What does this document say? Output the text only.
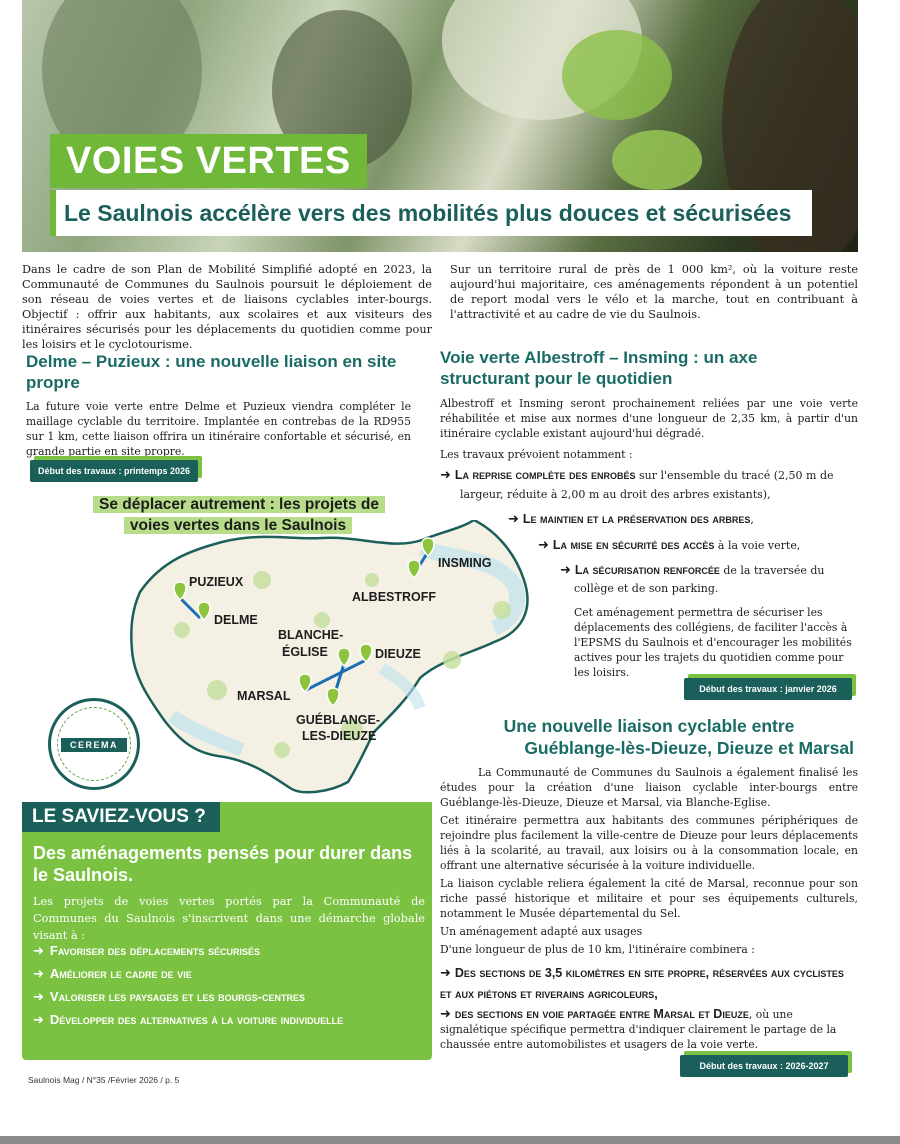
VOIES VERTES
Le Saulnois accélère vers des mobilités plus douces et sécurisées
Dans le cadre de son Plan de Mobilité Simplifié adopté en 2023, la Communauté de Communes du Saulnois poursuit le déploiement de son réseau de voies vertes et de liaisons cyclables inter-bourgs. Objectif : offrir aux habitants, aux scolaires et aux visiteurs des itinéraires sécurisés pour les déplacements du quotidien comme pour les loisirs et le cyclotourisme.
Sur un territoire rural de près de 1 000 km², où la voiture reste aujourd'hui majoritaire, ces aménagements répondent à un potentiel de report modal vers le vélo et la marche, tout en contribuant à l'attractivité et au cadre de vie du Saulnois.
Delme – Puzieux : une nouvelle liaison en site propre
La future voie verte entre Delme et Puzieux viendra compléter le maillage cyclable du territoire. Implantée en contrebas de la RD955 sur 1 km, cette liaison offrira un itinéraire confortable et sécurisé, en grande partie en site propre.
Début des travaux : printemps 2026
Se déplacer autrement : les projets de voies vertes dans le Saulnois
PUZIEUX
DELME
ALBESTROFF
INSMING
BLANCHE-
ÉGLISE	DIEUZE
MARSAL
GUÉBLANGE-
LES-DIEUZE
CEREMA
Voie verte Albestroff – Insming : un axe structurant pour le quotidien
Albestroff et Insming seront prochainement reliées par une voie verte réhabilitée et mise aux normes d'une longueur de 2,35 km, à partir d'un itinéraire cyclable existant aujourd'hui dégradé.
Les travaux prévoient notamment :
➜ La reprise complète des enrobés sur l'ensemble du tracé (2,50 m de
largeur, réduite à 2,00 m au droit des arbres existants),
➜ Le maintien et la préservation des arbres,
➜ La mise en sécurité des accès à la voie verte,
➜ La sécurisation renforcée de la traversée du
collège et de son parking.
Cet aménagement permettra de sécuriser les déplacements des collégiens, de faciliter l'accès à l'EPSMS du Saulnois et d'encourager les mobilités actives pour les trajets du quotidien comme pour les loisirs.
Début des travaux : janvier 2026
Une nouvelle liaison cyclable entre
Guéblange-lès-Dieuze, Dieuze et Marsal
La Communauté de Communes du Saulnois a également finalisé les études pour la création d'une liaison cyclable inter-bourgs entre Guéblange-lès-Dieuze, Dieuze et Marsal, via Blanche-Eglise.
Cet itinéraire permettra aux habitants des communes périphériques de rejoindre plus facilement la ville-centre de Dieuze pour leurs déplacements liés à la scolarité, au travail, aux loisirs ou à la consommation locale, en offrant une alternative sécurisée à la voiture individuelle.
La liaison cyclable reliera également la cité de Marsal, reconnue pour son riche passé historique et militaire et pour ses équipements culturels, notamment le Musée départemental du Sel.
Un aménagement adapté aux usages
D'une longueur de plus de 10 km, l'itinéraire combinera :
➜ Des sections de 3,5 kilomètres en site propre, réservées aux cyclistes et aux piétons et riverains agricoleurs,
➜ des sections en voie partagée entre Marsal et Dieuze, où une signalétique spécifique permettra d'indiquer clairement le partage de la chaussée entre automobilistes et usagers de la voie verte.
Début des travaux : 2026-2027
LE SAVIEZ-VOUS ?
Des aménagements pensés pour durer dans le Saulnois.
Les projets de voies vertes portés par la Communauté de Communes du Saulnois s'inscrivent dans une démarche globale visant à :
➜ Favoriser des déplacements sécurisés
➜ Améliorer le cadre de vie
➜ Valoriser les paysages et les bourgs-centres
➜ Développer des alternatives à la voiture individuelle
Saulnois Mag / N°35 /Février 2026 / p. 5
